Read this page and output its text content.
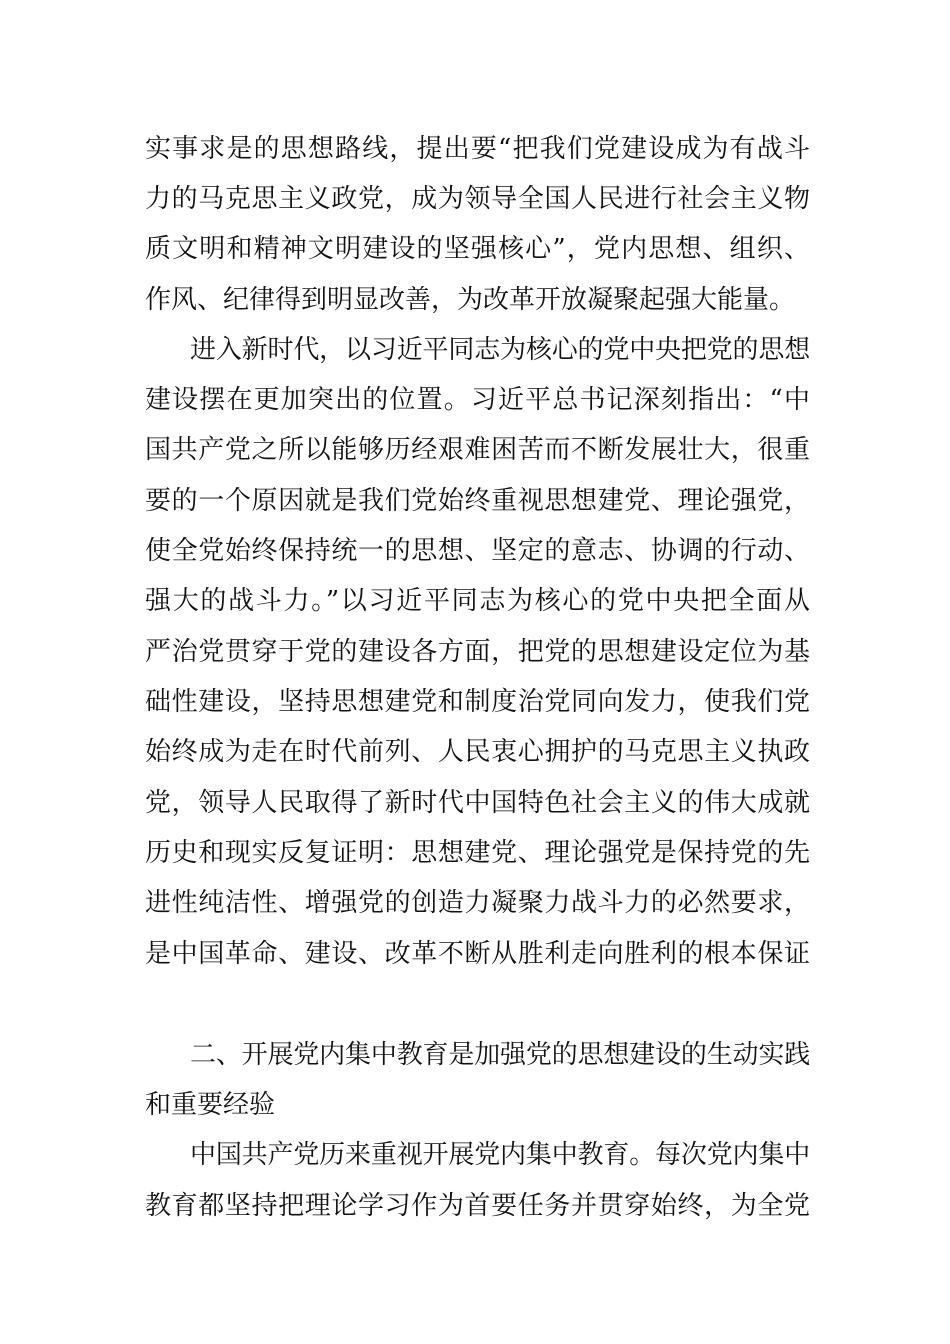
实事求是的思想路线，提出要“把我们党建设成为有战斗
力的马克思主义政党，成为领导全国人民进行社会主义物
质文明和精神文明建设的坚强核心”，党内思想、组织、
作风、纪律得到明显改善，为改革开放凝聚起强大能量。
进入新时代，以习近平同志为核心的党中央把党的思想
建设摆在更加突出的位置。习近平总书记深刻指出：“中
国共产党之所以能够历经艰难困苦而不断发展壮大，很重
要的一个原因就是我们党始终重视思想建党、理论强党，
使全党始终保持统一的思想、坚定的意志、协调的行动、
强大的战斗力。”以习近平同志为核心的党中央把全面从
严治党贯穿于党的建设各方面，把党的思想建设定位为基
础性建设，坚持思想建党和制度治党同向发力，使我们党
始终成为走在时代前列、人民衷心拥护的马克思主义执政
党，领导人民取得了新时代中国特色社会主义的伟大成就
历史和现实反复证明：思想建党、理论强党是保持党的先
进性纯洁性、增强党的创造力凝聚力战斗力的必然要求，
是中国革命、建设、改革不断从胜利走向胜利的根本保证
二、开展党内集中教育是加强党的思想建设的生动实践
和重要经验
中国共产党历来重视开展党内集中教育。每次党内集中
教育都坚持把理论学习作为首要任务并贯穿始终，为全党
